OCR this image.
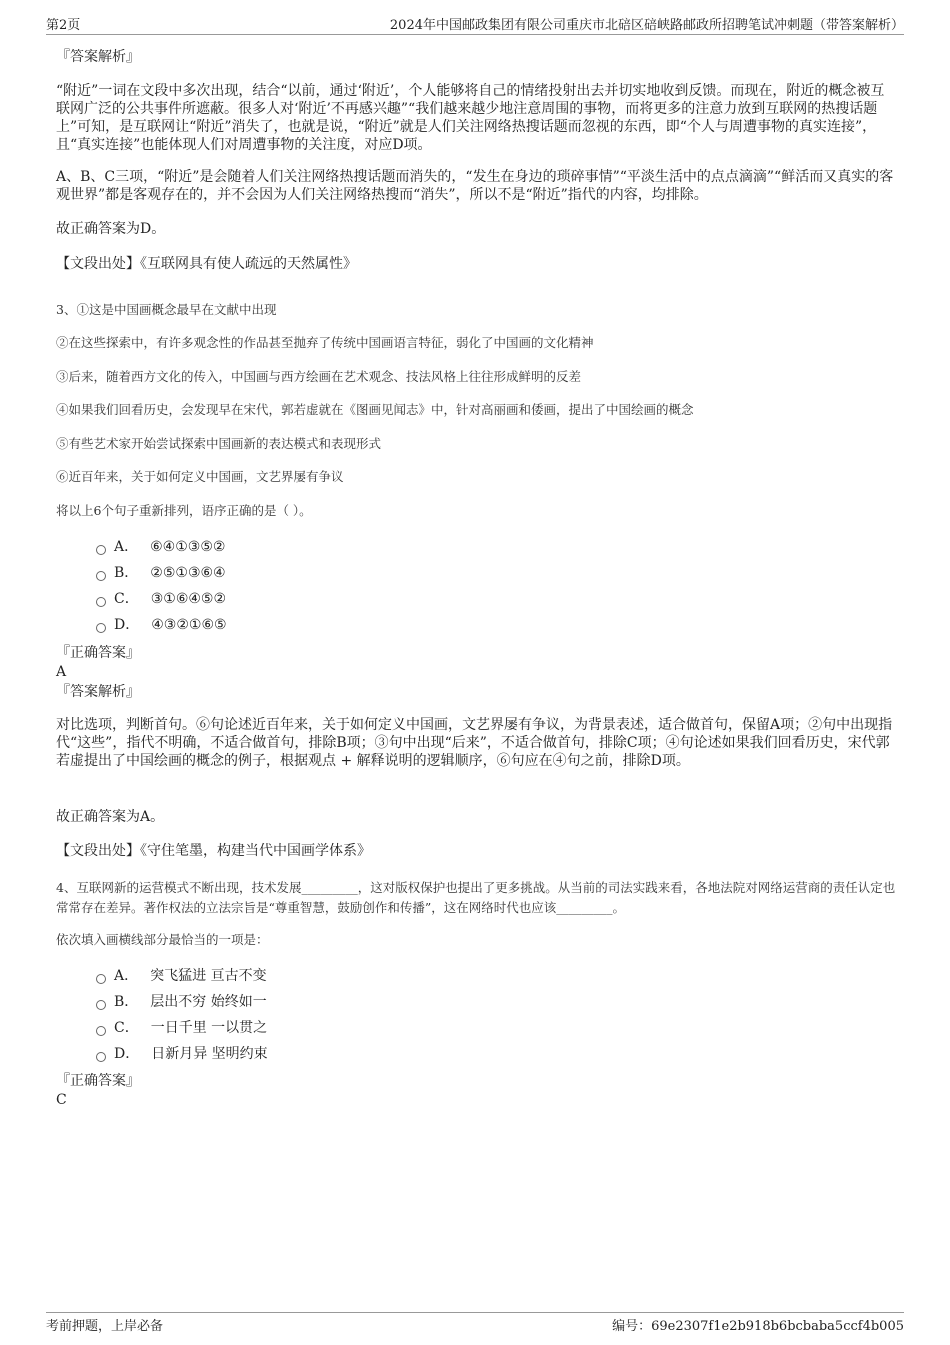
第2页	2024年中国邮政集团有限公司重庆市北碚区碚峡路邮政所招聘笔试冲刺题（带答案解析）
『答案解析』
“附近”一词在文段中多次出现，结合“以前，通过‘附近’，个人能够将自己的情绪投射出去并切实地收到反馈。而现在，附近的概念被互联网广泛的公共事件所遮蔽。很多人对‘附近’不再感兴趣”“我们越来越少地注意周围的事物，而将更多的注意力放到互联网的热搜话题上”可知，是互联网让“附近”消失了，也就是说，“附近”就是人们关注网络热搜话题而忽视的东西，即“个人与周遭事物的真实连接”，且“真实连接”也能体现人们对周遭事物的关注度，对应D项。
A、B、C三项，“附近”是会随着人们关注网络热搜话题而消失的，“发生在身边的琐碎事情”“平淡生活中的点点滴滴”“鲜活而又真实的客观世界”都是客观存在的，并不会因为人们关注网络热搜而“消失”，所以不是“附近”指代的内容，均排除。
故正确答案为D。
【文段出处】《互联网具有使人疏远的天然属性》
3、①这是中国画概念最早在文献中出现
②在这些探索中，有许多观念性的作品甚至抛弃了传统中国画语言特征，弱化了中国画的文化精神
③后来，随着西方文化的传入，中国画与西方绘画在艺术观念、技法风格上往往形成鲜明的反差
④如果我们回看历史，会发现早在宋代，郭若虚就在《图画见闻志》中，针对高丽画和倭画，提出了中国绘画的概念
⑤有些艺术家开始尝试探索中国画新的表达模式和表现形式
⑥近百年来，关于如何定义中国画，文艺界屡有争议
将以上6个句子重新排列，语序正确的是（ ）。
A． ⑥④①③⑤②
B． ②⑤①③⑥④
C． ③①⑥④⑤②
D． ④③②①⑥⑤
『正确答案』
A
『答案解析』
对比选项，判断首句。⑥句论述近百年来，关于如何定义中国画，文艺界屡有争议，为背景表述，适合做首句，保留A项；②句中出现指代“这些”，指代不明确，不适合做首句，排除B项；③句中出现“后来”，不适合做首句，排除C项；④句论述如果我们回看历史，宋代郭若虚提出了中国绘画的概念的例子，根据观点 + 解释说明的逻辑顺序，⑥句应在④句之前，排除D项。
故正确答案为A。
【文段出处】《守住笔墨，构建当代中国画学体系》
4、互联网新的运营模式不断出现，技术发展_________，这对版权保护也提出了更多挑战。从当前的司法实践来看，各地法院对网络运营商的责任认定也常常存在差异。著作权法的立法宗旨是“尊重智慧，鼓励创作和传播”，这在网络时代也应该_________。
依次填入画横线部分最恰当的一项是：
A． 突飞猛进 亘古不变
B． 层出不穷 始终如一
C． 一日千里 一以贯之
D． 日新月异 坚明约束
『正确答案』
C
考前押题，上岸必备	编号：69e2307f1e2b918b6bcbaba5ccf4b005
